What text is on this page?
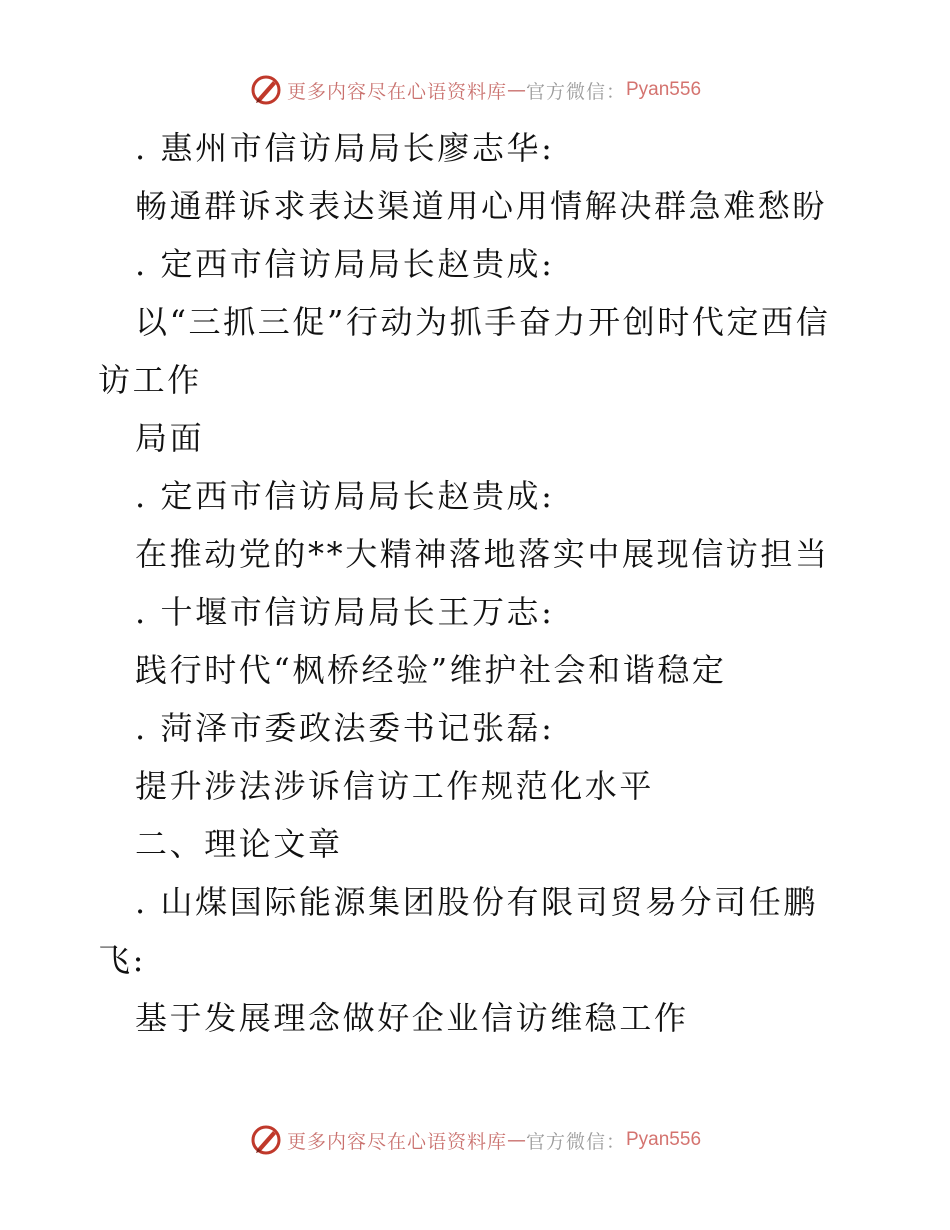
更多内容尽在心语资料库 — 官方微信： Pyan556
. 惠州市信访局局长廖志华:
畅通群诉求表达渠道用心用情解决群急难愁盼
. 定西市信访局局长赵贵成:
以“三抓三促”行动为抓手奋力开创时代定西信
访工作
局面
. 定西市信访局局长赵贵成:
在推动党的**大精神落地落实中展现信访担当
. 十堰市信访局局长王万志:
践行时代“枫桥经验”维护社会和谐稳定
. 菏泽市委政法委书记张磊:
提升涉法涉诉信访工作规范化水平
二、理论文章
. 山煤国际能源集团股份有限司贸易分司任鹏
飞:
基于发展理念做好企业信访维稳工作
更多内容尽在心语资料库 — 官方微信： Pyan556
